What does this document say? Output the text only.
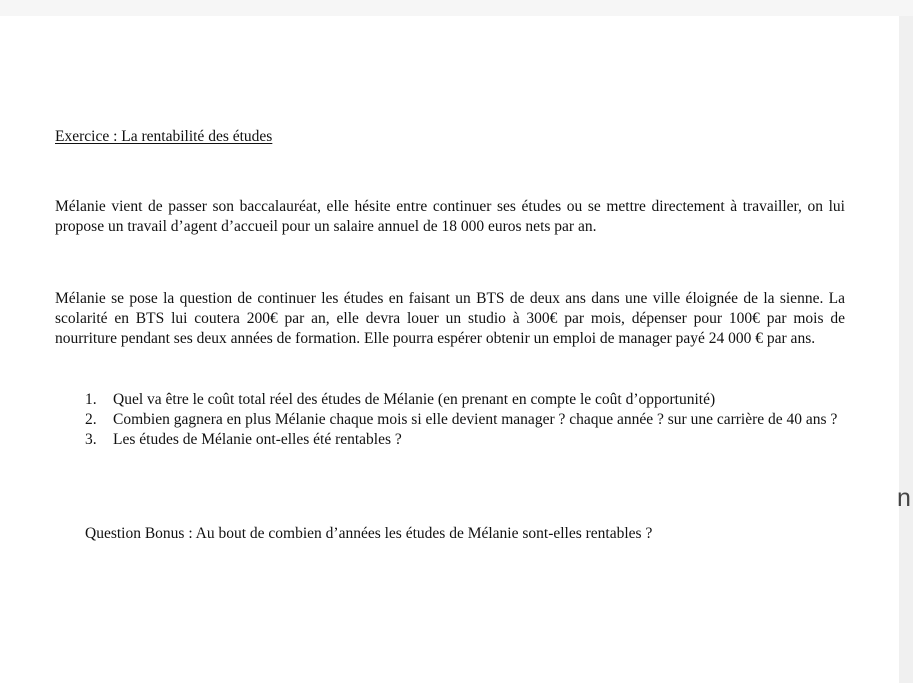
Exercice : La rentabilité des études

Mélanie vient de passer son baccalauréat, elle hésite entre continuer ses études ou se mettre directement à travailler, on lui propose un travail d’agent d’accueil pour un salaire annuel de 18 000 euros nets par an.

Mélanie se pose la question de continuer les études en faisant un BTS de deux ans dans une ville éloignée de la sienne. La scolarité en BTS lui coutera 200€ par an, elle devra louer un studio à 300€ par mois, dépenser pour 100€ par mois de nourriture pendant ses deux années de formation. Elle pourra espérer obtenir un emploi de manager payé 24 000 € par ans.

1. Quel va être le coût total réel des études de Mélanie (en prenant en compte le coût d’opportunité)
2. Combien gagnera en plus Mélanie chaque mois si elle devient manager ? chaque année ? sur une carrière de 40 ans ?
3. Les études de Mélanie ont-elles été rentables ?
Question Bonus : Au bout de combien d’années les études de Mélanie sont-elles rentables ?
n
